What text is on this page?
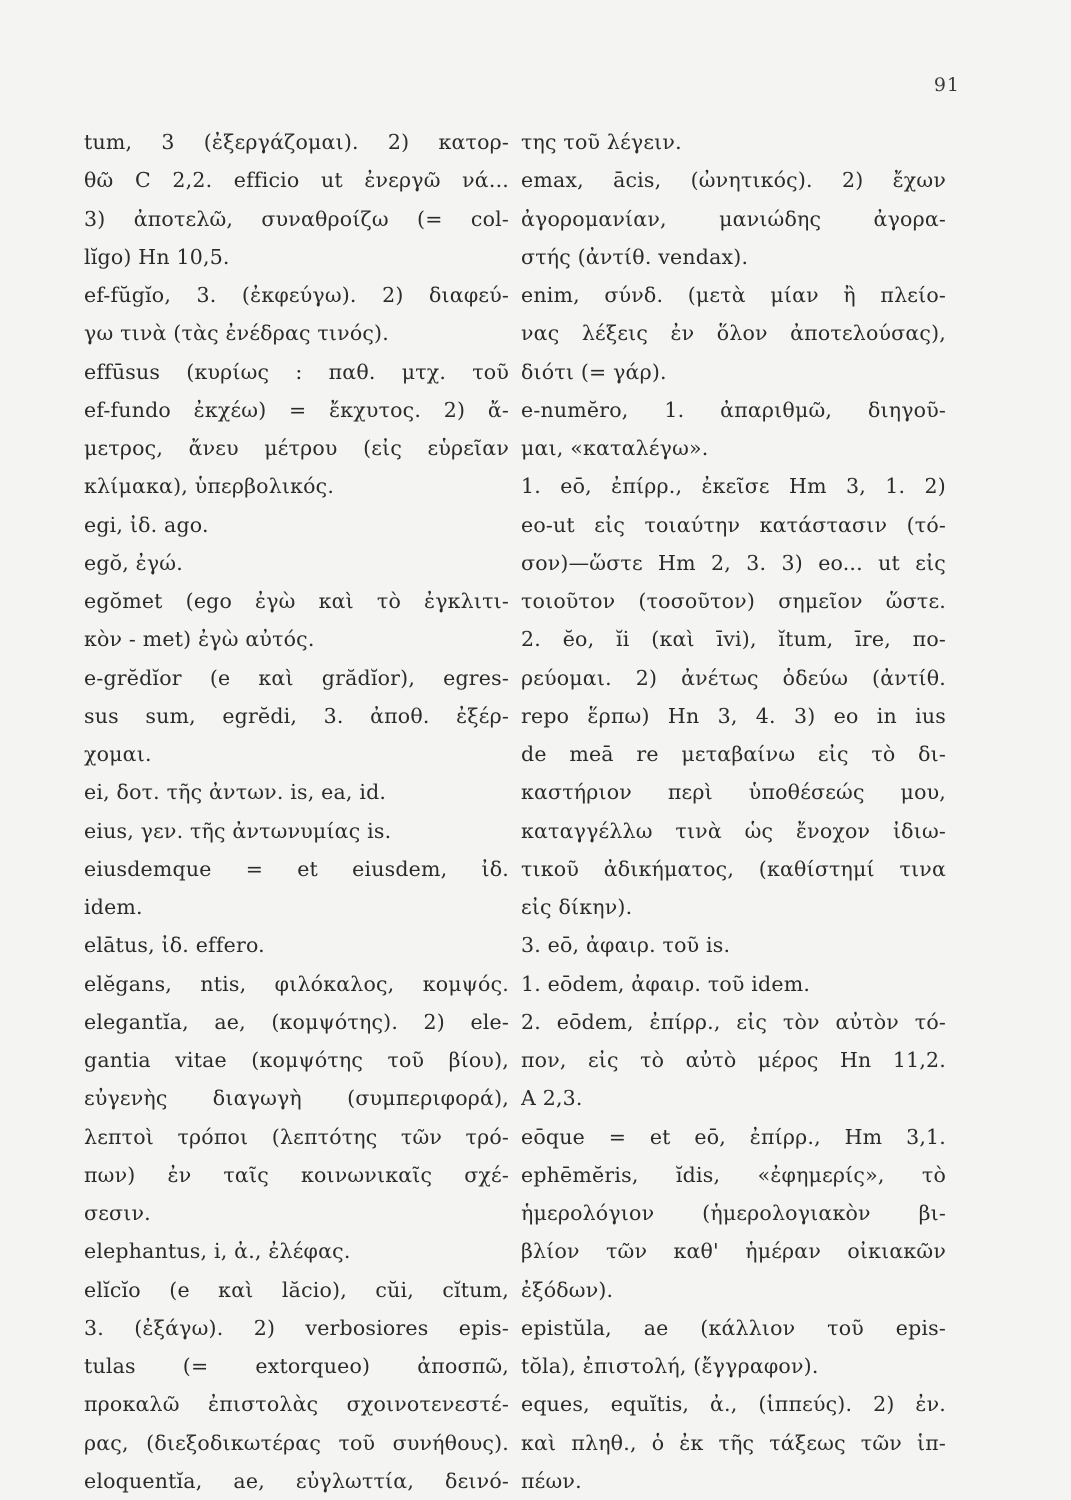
91
tum, 3 (ἐξεργάζομαι). 2) κατορ-
θῶ C 2,2. efficio ut ἐνεργῶ νά...
3) ἀποτελῶ, συναθροίζω (= col-
lĭgo) Hn 10,5.
ef-fŭgĭo, 3. (ἐκφεύγω). 2) διαφεύ-
γω τινὰ (τὰς ἐνέδρας τινός).
effūsus (κυρίως : παθ. μτχ. τοῦ
ef-fundo ἐκχέω) = ἔκχυτος. 2) ἄ-
μετρος, ἄνευ μέτρου (εἰς εὑρεῖαν
κλίμακα), ὑπερβολικός.
egi, ἰδ. ago.
egŏ, ἐγώ.
egŏmet (ego ἐγὼ καὶ τὸ ἐγκλιτι-
κὸν - met) ἐγὼ αὐτός.
e-grĕdĭor (e καὶ grădĭor), egres-
sus sum, egrĕdi, 3. ἀποθ. ἐξέρ-
χομαι.
ei, δοτ. τῆς ἀντων. is, ea, id.
eius, γεν. τῆς ἀντωνυμίας is.
eiusdemque = et eiusdem, ἰδ.
idem.
elātus, ἰδ. effero.
elĕgans, ntis, φιλόκαλος, κομψός.
elegantĭa, ae, (κομψότης). 2) ele-
gantia vitae (κομψότης τοῦ βίου),
εὐγενὴς διαγωγὴ (συμπεριφορά),
λεπτοὶ τρόποι (λεπτότης τῶν τρό-
πων) ἐν ταῖς κοινωνικαῖς σχέ-
σεσιν.
elephantus, i, ἀ., ἐλέφας.
elĭcĭo (e καὶ lăcio), cŭi, cĭtum,
3. (ἐξάγω). 2) verbosiores epis-
tulas (= extorqueo) ἀποσπῶ,
προκαλῶ ἐπιστολὰς σχοινοτενεστέ-
ρας, (διεξοδικωτέρας τοῦ συνήθους).
eloquentĭa, ae, εὐγλωττία, δεινό-
της τοῦ λέγειν.
emax, ācis, (ὠνητικός). 2) ἔχων
ἀγορομανίαν, μανιώδης ἀγορα-
στής (ἀντίθ. vendax).
enim, σύνδ. (μετὰ μίαν ἢ πλείο-
νας λέξεις ἐν ὅλον ἀποτελούσας),
διότι (= γάρ).
e-numĕro, 1. ἀπαριθμῶ, διηγοῦ-
μαι, «καταλέγω».
1. eō, ἐπίρρ., ἐκεῖσε Hm 3, 1. 2)
eo-ut εἰς τοιαύτην κατάστασιν (τό-
σον)—ὥστε Hm 2, 3. 3) eo... ut εἰς
τοιοῦτον (τοσοῦτον) σημεῖον ὥστε.
2. ĕo, ĭi (καὶ īvi), ĭtum, īre, πο-
ρεύομαι. 2) ἀνέτως ὁδεύω (ἀντίθ.
repo ἕρπω) Hn 3, 4. 3) eo in ius
de meā re μεταβαίνω εἰς τὸ δι-
καστήριον περὶ ὑποθέσεώς μου,
καταγγέλλω τινὰ ὡς ἔνοχον ἰδιω-
τικοῦ ἀδικήματος, (καθίστημί τινα
εἰς δίκην).
3. eō, ἀφαιρ. τοῦ is.
1. eōdem, ἀφαιρ. τοῦ idem.
2. eōdem, ἐπίρρ., εἰς τὸν αὐτὸν τό-
πον, εἰς τὸ αὐτὸ μέρος Hn 11,2.
A 2,3.
eōque = et eō, ἐπίρρ., Hm 3,1.
ephēmĕris, ĭdis, «ἐφημερίς», τὸ
ἡμερολόγιον (ἡμερολογιακὸν βι-
βλίον τῶν καθ' ἡμέραν οἰκιακῶν
ἐξόδων).
epistŭla, ae (κάλλιον τοῦ epis-
tŏla), ἐπιστολή, (ἔγγραφον).
eques, equĭtis, ἀ., (ἱππεύς). 2) ἐν.
καὶ πληθ., ὁ ἐκ τῆς τάξεως τῶν ἱπ-
πέων.
